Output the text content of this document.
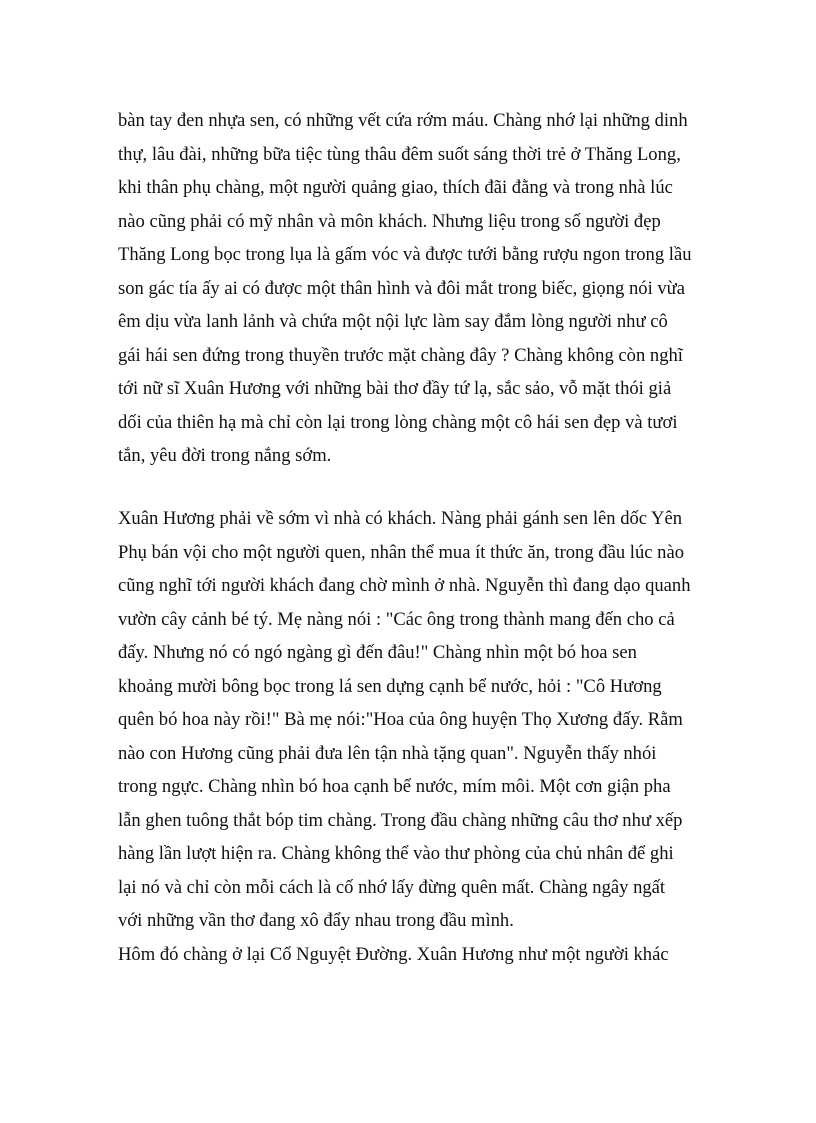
bàn tay đen nhựa sen, có những vết cứa rớm máu. Chàng nhớ lại những dinh
thự, lâu đài, những bữa tiệc tùng thâu đêm suốt sáng thời trẻ ở Thăng Long,
khi thân phụ chàng, một người quảng giao, thích đãi đằng và trong nhà lúc
nào cũng phải có mỹ nhân và môn khách. Nhưng liệu trong số người đẹp
Thăng Long bọc trong lụa là gấm vóc và được tưới bằng rượu ngon trong lầu
son gác tía ấy ai có được một thân hình và đôi mắt trong biếc, giọng nói vừa
êm dịu vừa lanh lảnh và chứa một nội lực làm say đắm lòng người như cô
gái hái sen đứng trong thuyền trước mặt chàng đây ? Chàng không còn nghĩ
tới nữ sĩ Xuân Hương với những bài thơ đầy tứ lạ, sắc sảo, vỗ mặt thói giả
dối của thiên hạ mà chỉ còn lại trong lòng chàng một cô hái sen đẹp và tươi
tắn, yêu đời trong nắng sớm.
Xuân Hương phải về sớm vì nhà có khách. Nàng phải gánh sen lên dốc Yên
Phụ bán vội cho một người quen, nhân thể mua ít thức ăn, trong đầu lúc nào
cũng nghĩ tới người khách đang chờ mình ở nhà. Nguyễn thì đang dạo quanh
vườn cây cảnh bé tý. Mẹ nàng nói : "Các ông trong thành mang đến cho cả
đấy. Nhưng nó có ngó ngàng gì đến đâu!" Chàng nhìn một bó hoa sen
khoảng mười bông bọc trong lá sen dựng cạnh bể nước, hỏi : "Cô Hương
quên bó hoa này rồi!" Bà mẹ nói:"Hoa của ông huyện Thọ Xương đấy. Rằm
nào con Hương cũng phải đưa lên tận nhà tặng quan". Nguyễn thấy nhói
trong ngực. Chàng nhìn bó hoa cạnh bể nước, mím môi. Một cơn giận pha
lẫn ghen tuông thắt bóp tim chàng. Trong đầu chàng những câu thơ như xếp
hàng lần lượt hiện ra. Chàng không thể vào thư phòng của chủ nhân để ghi
lại nó và chỉ còn mỗi cách là cố nhớ lấy đừng quên mất. Chàng ngây ngất
với những vần thơ đang xô đẩy nhau trong đầu mình.
Hôm đó chàng ở lại Cổ Nguyệt Đường. Xuân Hương như một người khác
